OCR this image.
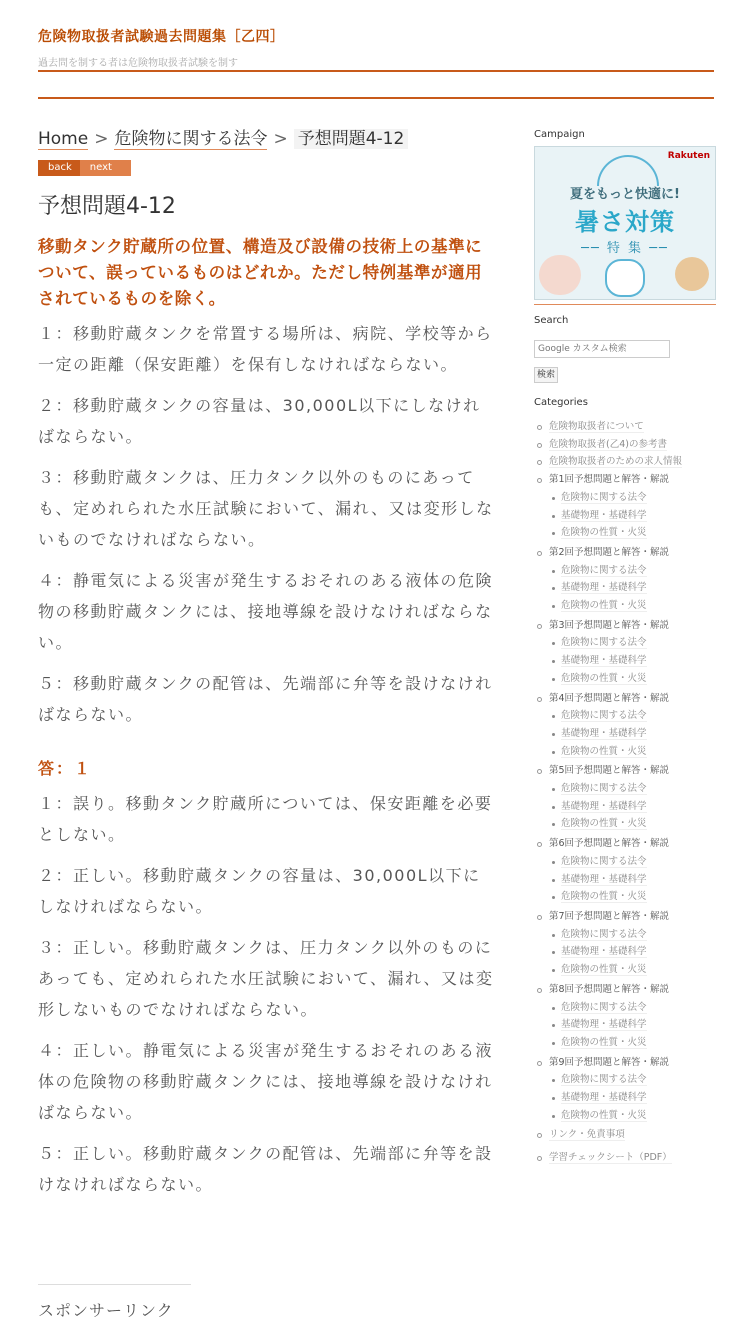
危険物取扱者試験過去問題集［乙四］
過去問を制する者は危険物取扱者試験を制す
Home > 危険物に関する法令 > 予想問題4-12
back	next
予想問題4-12
移動タンク貯蔵所の位置、構造及び設備の技術上の基準について、誤っているものはどれか。ただし特例基準が適用されているものを除く。
１：移動貯蔵タンクを常置する場所は、病院、学校等から一定の距離（保安距離）を保有しなければならない。
２：移動貯蔵タンクの容量は、30,000L以下にしなければならない。
３：移動貯蔵タンクは、圧力タンク以外のものにあっても、定めれられた水圧試験において、漏れ、又は変形しないものでなければならない。
４：静電気による災害が発生するおそれのある液体の危険物の移動貯蔵タンクには、接地導線を設けなければならない。
５：移動貯蔵タンクの配管は、先端部に弁等を設けなければならない。
答：１
１：誤り。移動タンク貯蔵所については、保安距離を必要としない。
２：正しい。移動貯蔵タンクの容量は、30,000L以下にしなければならない。
３：正しい。移動貯蔵タンクは、圧力タンク以外のものにあっても、定めれられた水圧試験において、漏れ、又は変形しないものでなければならない。
４：正しい。静電気による災害が発生するおそれのある液体の危険物の移動貯蔵タンクには、接地導線を設けなければならない。
５：正しい。移動貯蔵タンクの配管は、先端部に弁等を設けなければならない。
スポンサーリンク
Campaign
Rakuten
夏をもっと快適に!
暑さ対策
── 特 集 ──
Search
Google カスタム検索
検索
Categories
危険物取扱者について
危険物取扱者(乙4)の参考書
危険物取扱者のための求人情報
第1回予想問題と解答・解説
危険物に関する法令
基礎物理・基礎科学
危険物の性質・火災
第2回予想問題と解答・解説
危険物に関する法令
基礎物理・基礎科学
危険物の性質・火災
第3回予想問題と解答・解説
危険物に関する法令
基礎物理・基礎科学
危険物の性質・火災
第4回予想問題と解答・解説
危険物に関する法令
基礎物理・基礎科学
危険物の性質・火災
第5回予想問題と解答・解説
危険物に関する法令
基礎物理・基礎科学
危険物の性質・火災
第6回予想問題と解答・解説
危険物に関する法令
基礎物理・基礎科学
危険物の性質・火災
第7回予想問題と解答・解説
危険物に関する法令
基礎物理・基礎科学
危険物の性質・火災
第8回予想問題と解答・解説
危険物に関する法令
基礎物理・基礎科学
危険物の性質・火災
第9回予想問題と解答・解説
危険物に関する法令
基礎物理・基礎科学
危険物の性質・火災
リンク・免責事項
学習チェックシート（PDF）
